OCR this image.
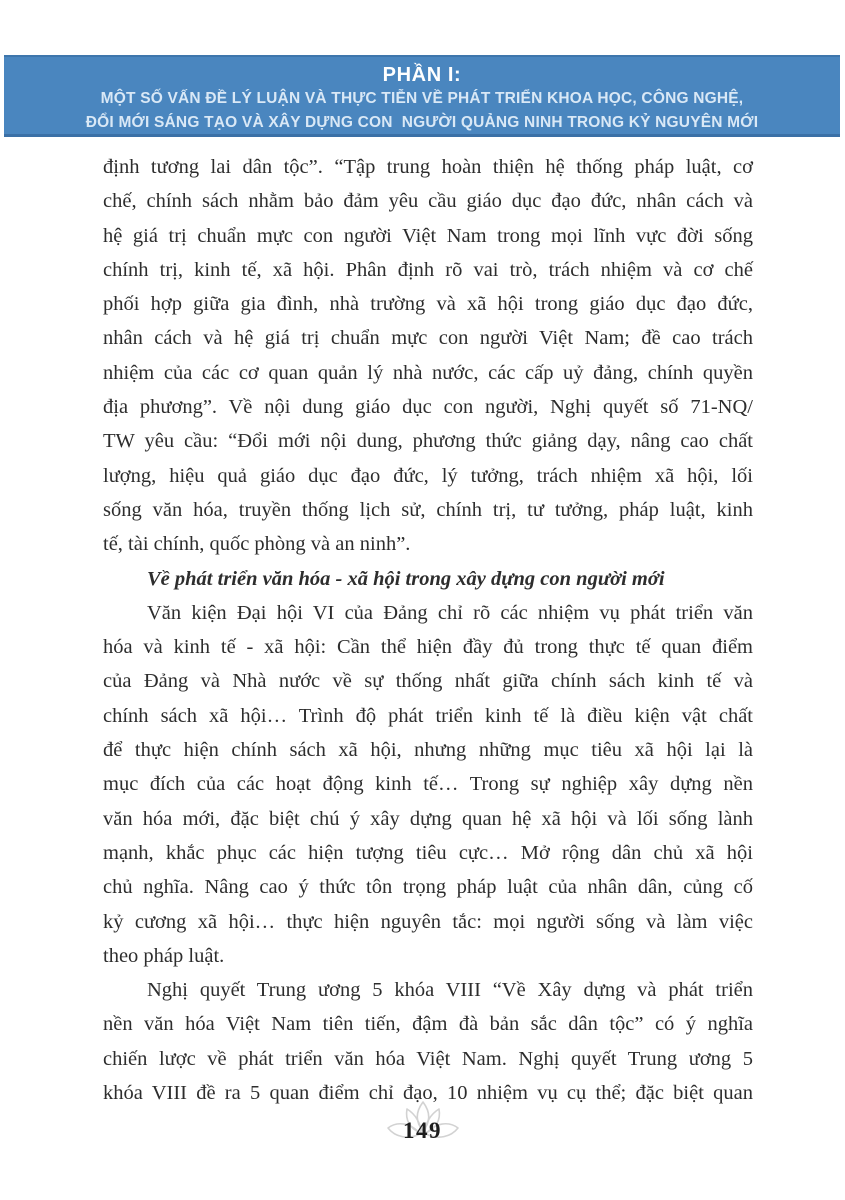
PHẦN I:
MỘT SỐ VẤN ĐỀ LÝ LUẬN VÀ THỰC TIỄN VỀ PHÁT TRIỂN KHOA HỌC, CÔNG NGHỆ,
ĐỔI MỚI SÁNG TẠO VÀ XÂY DỰNG CON  NGƯỜI QUẢNG NINH TRONG KỶ NGUYÊN MỚI
định tương lai dân tộc”. “Tập trung hoàn thiện hệ thống pháp luật, cơ
chế, chính sách nhằm bảo đảm yêu cầu giáo dục đạo đức, nhân cách và
hệ giá trị chuẩn mực con người Việt Nam trong mọi lĩnh vực đời sống
chính trị, kinh tế, xã hội. Phân định rõ vai trò, trách nhiệm và cơ chế
phối hợp giữa gia đình, nhà trường và xã hội trong giáo dục đạo đức,
nhân cách và hệ giá trị chuẩn mực con người Việt Nam; đề cao trách
nhiệm của các cơ quan quản lý nhà nước, các cấp uỷ đảng, chính quyền
địa phương”. Về nội dung giáo dục con người, Nghị quyết số 71-NQ/
TW yêu cầu: “Đổi mới nội dung, phương thức giảng dạy, nâng cao chất
lượng, hiệu quả giáo dục đạo đức, lý tưởng, trách nhiệm xã hội, lối
sống văn hóa, truyền thống lịch sử, chính trị, tư tưởng, pháp luật, kinh
tế, tài chính, quốc phòng và an ninh”.
Về phát triển văn hóa - xã hội trong xây dựng con người mới
Văn kiện Đại hội VI của Đảng chỉ rõ các nhiệm vụ phát triển văn
hóa và kinh tế - xã hội: Cần thể hiện đầy đủ trong thực tế quan điểm
của Đảng và Nhà nước về sự thống nhất giữa chính sách kinh tế và
chính sách xã hội… Trình độ phát triển kinh tế là điều kiện vật chất
để thực hiện chính sách xã hội, nhưng những mục tiêu xã hội lại là
mục đích của các hoạt động kinh tế… Trong sự nghiệp xây dựng nền
văn hóa mới, đặc biệt chú ý xây dựng quan hệ xã hội và lối sống lành
mạnh, khắc phục các hiện tượng tiêu cực… Mở rộng dân chủ xã hội
chủ nghĩa. Nâng cao ý thức tôn trọng pháp luật của nhân dân, củng cố
kỷ cương xã hội… thực hiện nguyên tắc: mọi người sống và làm việc
theo pháp luật.
Nghị quyết Trung ương 5 khóa VIII “Về Xây dựng và phát triển
nền văn hóa Việt Nam tiên tiến, đậm đà bản sắc dân tộc” có ý nghĩa
chiến lược về phát triển văn hóa Việt Nam. Nghị quyết Trung ương 5
khóa VIII đề ra 5 quan điểm chỉ đạo, 10 nhiệm vụ cụ thể; đặc biệt quan
149
